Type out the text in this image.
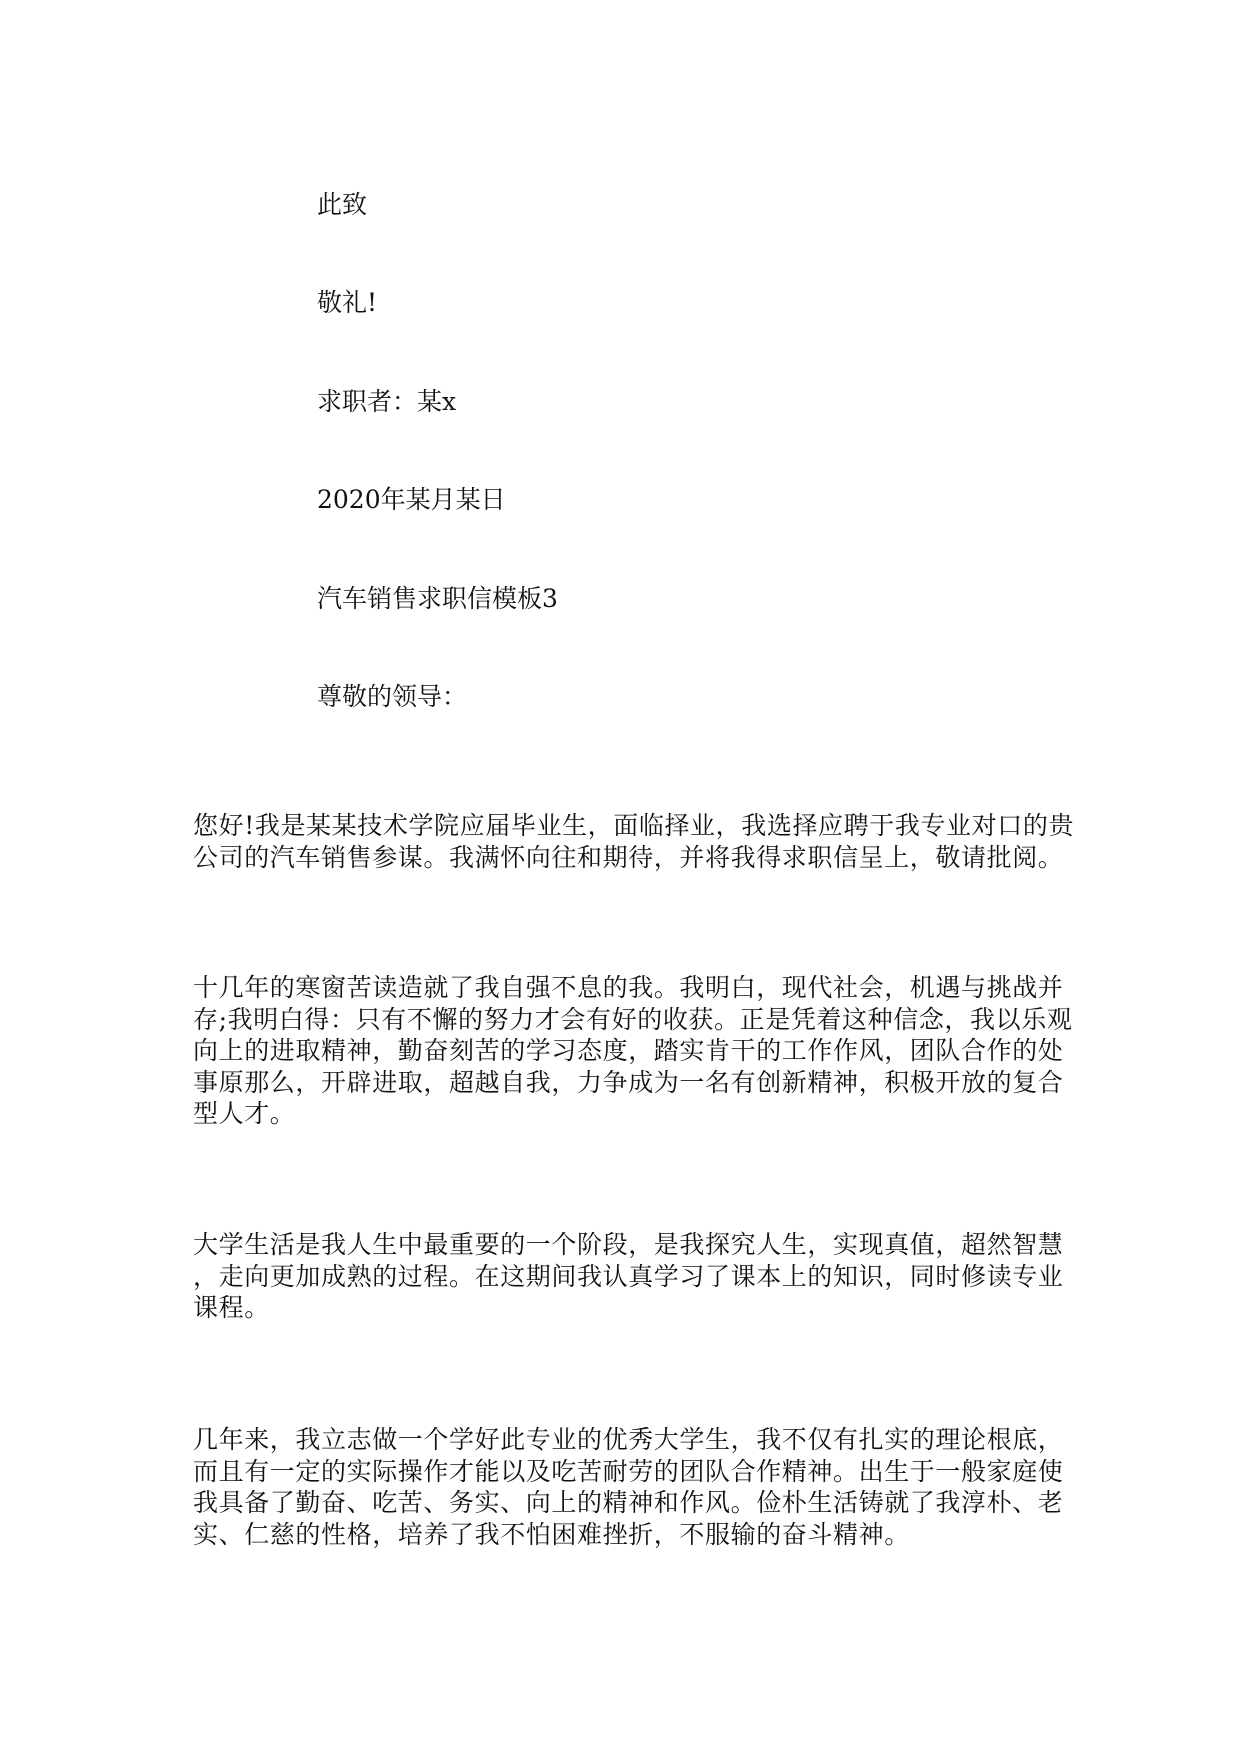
此致
敬礼!
求职者：某x
2020年某月某日
汽车销售求职信模板3
尊敬的领导：
您好!我是某某技术学院应届毕业生，面临择业，我选择应聘于我专业对口的贵
公司的汽车销售参谋。我满怀向往和期待，并将我得求职信呈上，敬请批阅。
十几年的寒窗苦读造就了我自强不息的我。我明白，现代社会，机遇与挑战并
存;我明白得：只有不懈的努力才会有好的收获。正是凭着这种信念，我以乐观
向上的进取精神，勤奋刻苦的学习态度，踏实肯干的工作作风，团队合作的处
事原那么，开辟进取，超越自我，力争成为一名有创新精神，积极开放的复合
型人才。
大学生活是我人生中最重要的一个阶段，是我探究人生，实现真值，超然智慧
，走向更加成熟的过程。在这期间我认真学习了课本上的知识，同时修读专业
课程。
几年来，我立志做一个学好此专业的优秀大学生，我不仅有扎实的理论根底，
而且有一定的实际操作才能以及吃苦耐劳的团队合作精神。出生于一般家庭使
我具备了勤奋、吃苦、务实、向上的精神和作风。俭朴生活铸就了我淳朴、老
实、仁慈的性格，培养了我不怕困难挫折，不服输的奋斗精神。
